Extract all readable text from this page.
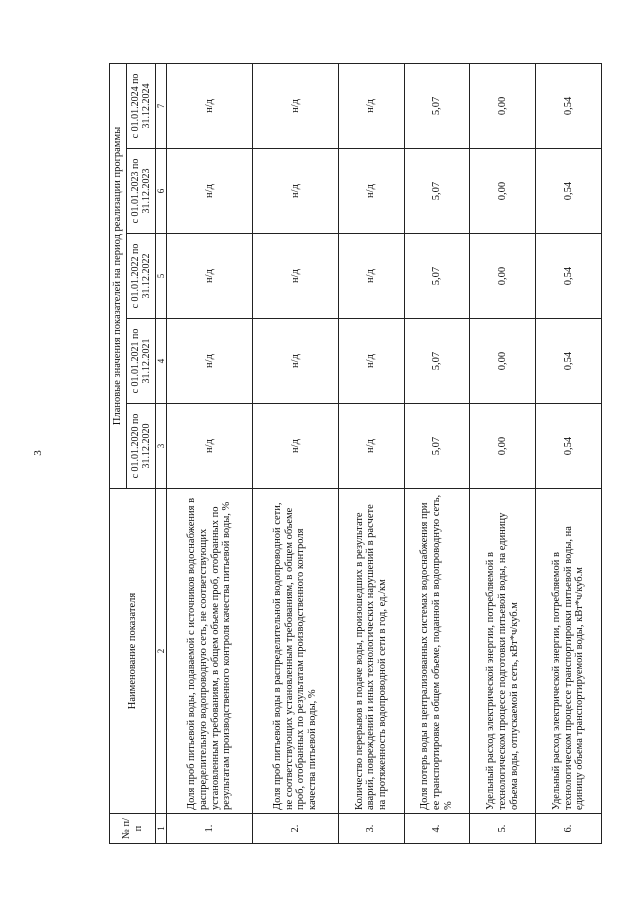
3
№ п/п	Наименование показателя	Плановые значения показателей на период реализации программы				
		с 01.01.2020 по 31.12.2020	с 01.01.2021 по 31.12.2021	с 01.01.2022 по 31.12.2022	с 01.01.2023 по 31.12.2023	с 01.01.2024 по 31.12.2024
1	2	3	4	5	6	7
1.	Доля проб питьевой воды, подаваемой с источников водоснабжения в распределительную водопроводную сеть, не соответствующих установленным требованиям, в общем объеме проб, отобранных по результатам производственного контроля качества питьевой воды, %	н/д	н/д	н/д	н/д	н/д
2.	Доля проб питьевой воды в распределительной водопроводной сети, не соответствующих установленным требованиям, в общем объеме проб, отобранных по результатам производственного контроля качества питьевой воды, %	н/д	н/д	н/д	н/д	н/д
3.	Количество перерывов в подаче воды, произошедших в результате аварий, повреждений и иных технологических нарушений в расчете на протяженность водопроводной сети в год, ед./км	н/д	н/д	н/д	н/д	н/д
4.	Доля потерь воды в централизованных системах водоснабжения при ее транспортировке в общем объеме, поданной в водопроводную сеть, %	5,07	5,07	5,07	5,07	5,07
5.	Удельный расход электрической энергии, потребляемой в технологическом процессе подготовки питьевой воды, на единицу объема воды, отпускаемой в сеть, кВт*ч/куб.м	0,00	0,00	0,00	0,00	0,00
6.	Удельный расход электрической энергии, потребляемой в технологическом процессе транспортировки питьевой воды, на единицу объема транспортируемой воды, кВт*ч/куб.м	0,54	0,54	0,54	0,54	0,54
